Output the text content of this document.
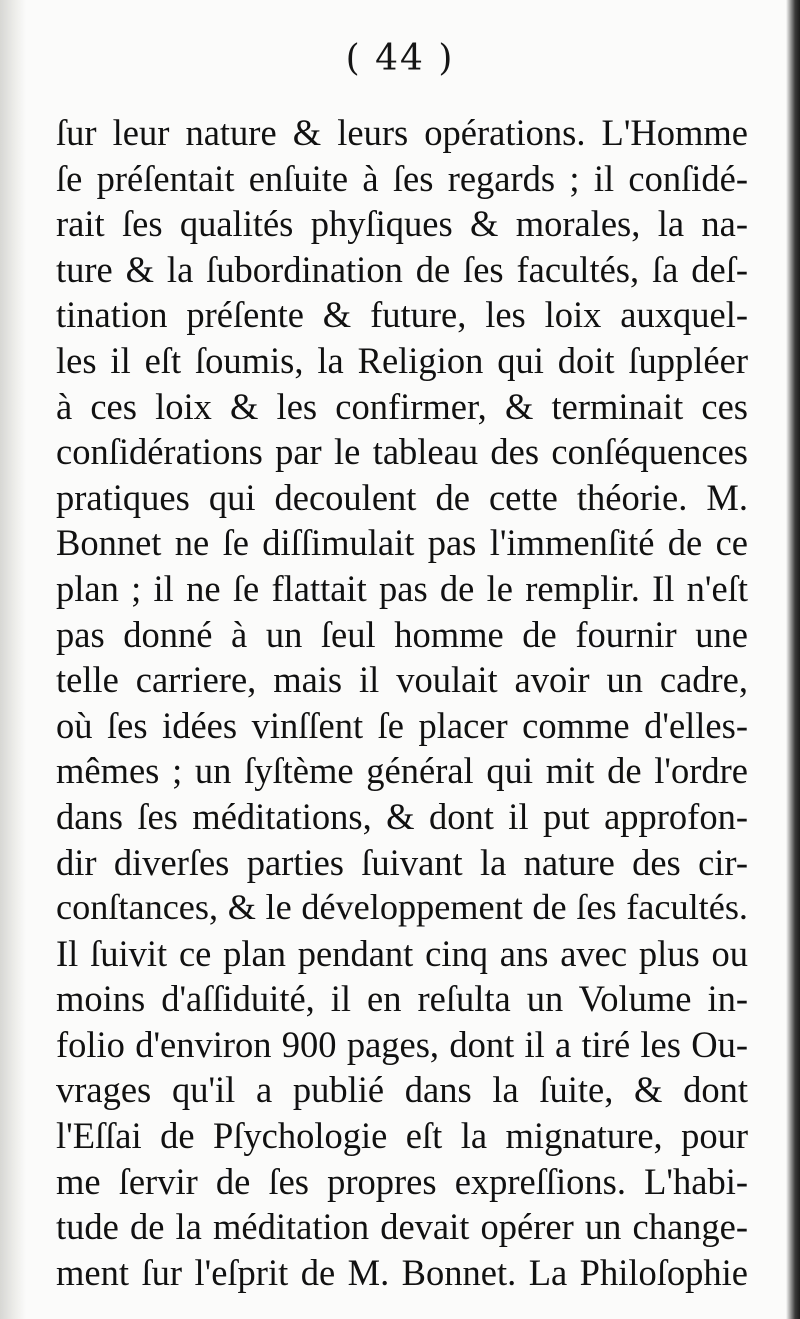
( 44 )
ſur leur nature & leurs opérations. L'Homme
ſe préſentait enſuite à ſes regards ; il conſidé-
rait ſes qualités phyſiques & morales, la na-
ture & la ſubordination de ſes facultés, ſa deſ-
tination préſente & future, les loix auxquel-
les il eſt ſoumis, la Religion qui doit ſuppléer
à ces loix & les confirmer, & terminait ces
conſidérations par le tableau des conſéquences
pratiques qui decoulent de cette théorie. M.
Bonnet ne ſe diſſimulait pas l'immenſité de ce
plan ; il ne ſe flattait pas de le remplir. Il n'eſt
pas donné à un ſeul homme de fournir une
telle carriere, mais il voulait avoir un cadre,
où ſes idées vinſſent ſe placer comme d'elles-
mêmes ; un ſyſtème général qui mit de l'ordre
dans ſes méditations, & dont il put approfon-
dir diverſes parties ſuivant la nature des cir-
conſtances, & le développement de ſes facultés.
Il ſuivit ce plan pendant cinq ans avec plus ou
moins d'aſſiduité, il en reſulta un Volume in-
folio d'environ 900 pages, dont il a tiré les Ou-
vrages qu'il a publié dans la ſuite, & dont
l'Eſſai de Pſychologie eſt la mignature, pour
me ſervir de ſes propres expreſſions. L'habi-
tude de la méditation devait opérer un change-
ment ſur l'eſprit de M. Bonnet. La Philoſophie
